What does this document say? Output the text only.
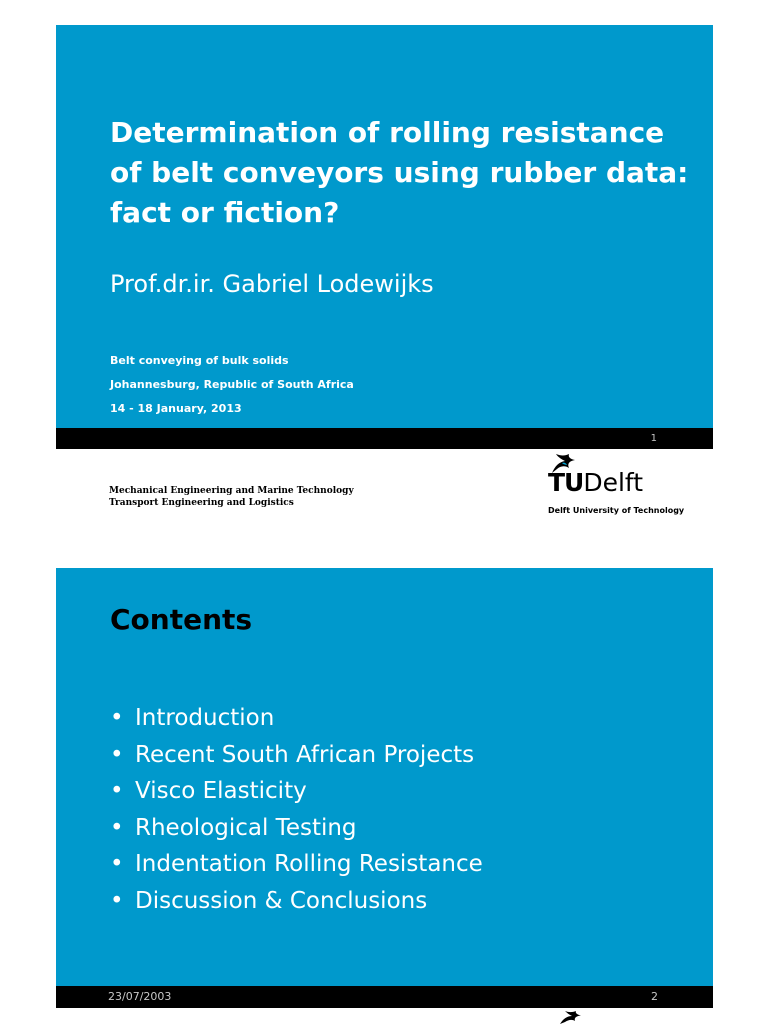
Determination of rolling resistance of belt conveyors using rubber data: fact or fiction?
Prof.dr.ir. Gabriel Lodewijks
Belt conveying of bulk solids
Johannesburg, Republic of South Africa
14 - 18 January, 2013
1
Mechanical Engineering and Marine Technology
Transport Engineering and Logistics
TUDelft
Delft University of Technology
Contents
• Introduction
• Recent South African Projects
• Visco Elasticity
• Rheological Testing
• Indentation Rolling Resistance
• Discussion & Conclusions
23/07/2003	2
